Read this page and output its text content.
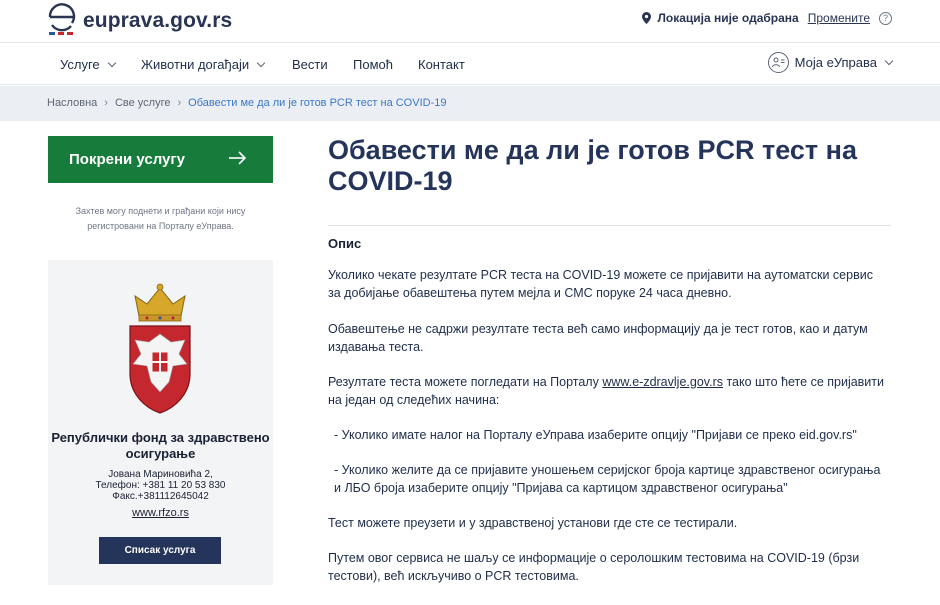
euprava.gov.rs	Локација није одабрана Промените	?
Услуге	Животни догађаји	Вести Помоћ Контакт	Моја еУправа
Насловна › Све услуге › Обавести ме да ли је готов PCR тест на COVID-19
Покрени услугу
Захтев могу поднети и грађани који нису регистровани на Порталу еУправа.
Републички фонд за здравствено осигурање
Јована Мариновића 2,
Телефон: +381 11 20 53 830
Факс.+381112645042
www.rfzo.rs
Списак услуга
Обавести ме да ли је готов PCR тест на COVID-19
Опис
Уколико чекате резултате PCR теста на COVID-19 можете се пријавити на аутоматски сервис за добијање обавештења путем мејла и СМС поруке 24 часа дневно.
Обавештење не садржи резултате теста већ само информацију да је тест готов, као и датум издавања теста.
Резултате теста можете погледати на Порталу www.e-zdravlje.gov.rs тако што ћете се пријавити на један од следећих начина:
- Уколико имате налог на Порталу еУправа изаберите опцију "Пријави се преко eid.gov.rs"
- Уколико желите да се пријавите уношењем серијског броја картице здравственог осигурања и ЛБО броја изаберите опцију "Пријава са картицом здравственог осигурања"
Тест можете преузети и у здравственој установи где сте се тестирали.
Путем овог сервиса не шаљу се информације о серолошким тестовима на COVID-19 (брзи тестови), већ искључиво о PCR тестовима.
